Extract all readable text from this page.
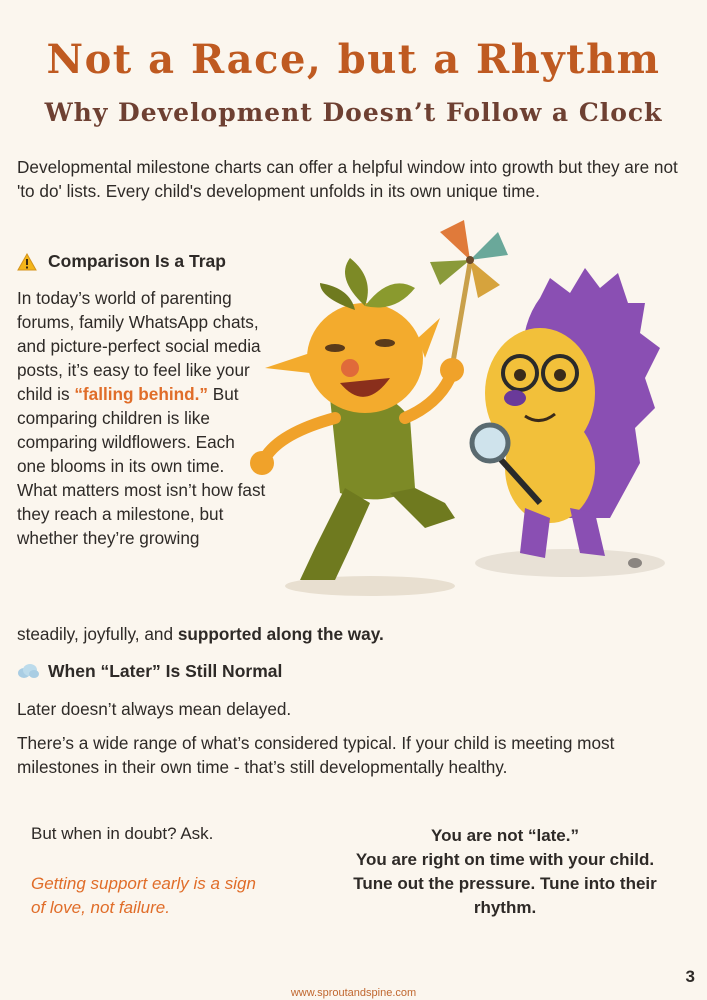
Not a Race, but a Rhythm
Why Development Doesn’t Follow a Clock

Developmental milestone charts can offer a helpful window into growth but they are not 'to do' lists. Every child's development unfolds in its own unique time.

Comparison Is a Trap

In today’s world of parenting forums, family WhatsApp chats, and picture-perfect social media posts, it’s easy to feel like your child is “falling behind.” But comparing children is like comparing wildflowers. Each one blooms in its own time. What matters most isn’t how fast they reach a milestone, but whether they’re growing

steadily, joyfully, and supported along the way.

When “Later” Is Still Normal

Later doesn’t always mean delayed.

There’s a wide range of what’s considered typical. If your child is meeting most milestones in their own time - that’s still developmentally healthy.

But when in doubt? Ask.
Getting support early is a sign of love, not failure.
You are not “late.”
You are right on time with your child.
Tune out the pressure. Tune into their rhythm.
www.sproutandspine.com
3
